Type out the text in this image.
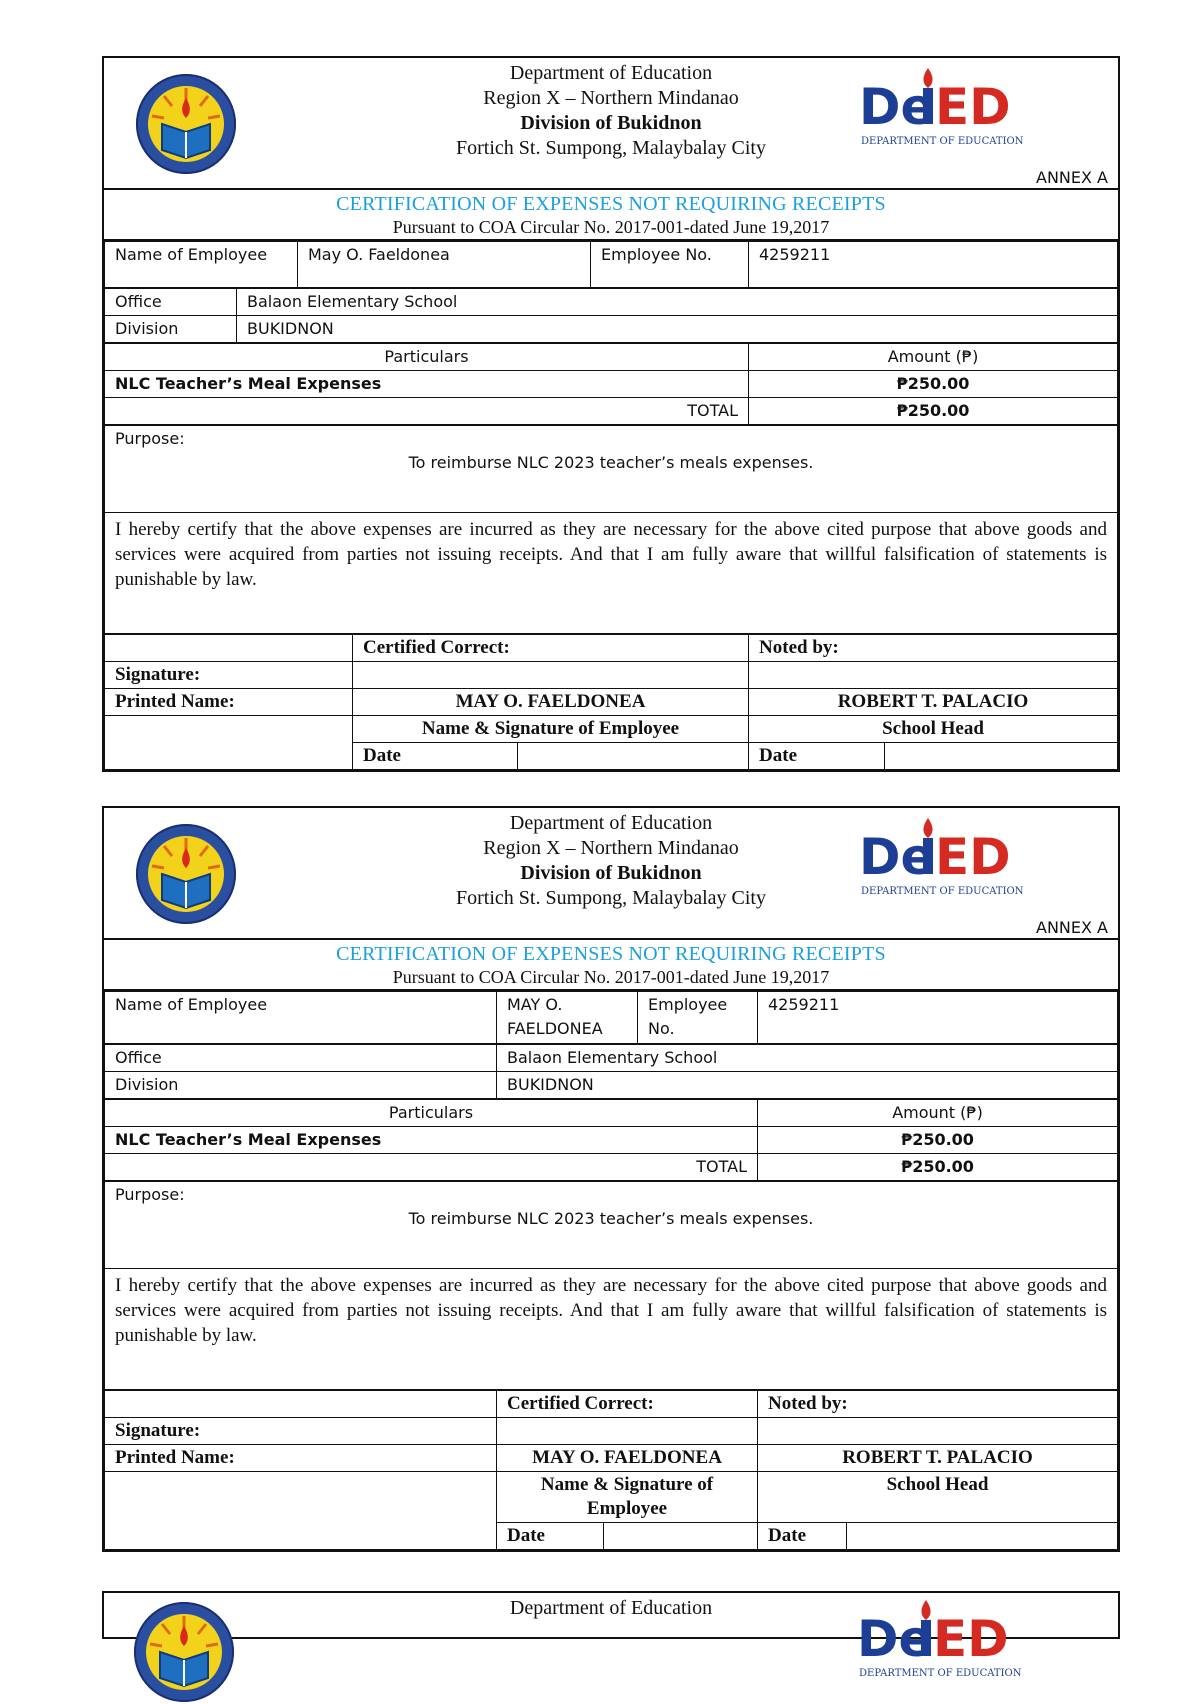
Department of Education
Region X – Northern Mindanao
Division of Bukidnon
Fortich St. Sumpong, Malaybalay City
ANNEX A
CERTIFICATION OF EXPENSES NOT REQUIRING RECEIPTS
Pursuant to COA Circular No. 2017-001-dated June 19,2017
Name of Employee	May O. Faeldonea	Employee No.	4259211
Office	Balaon Elementary School
Division	BUKIDNON
Particulars	Amount (₱)
NLC Teacher’s Meal Expenses	₱250.00
TOTAL	₱250.00
Purpose:
To reimburse NLC 2023 teacher’s meals expenses.

I hereby certify that the above expenses are incurred as they are necessary for the above cited purpose that above goods and services were acquired from parties not issuing receipts. And that I am fully aware that willful falsification of statements is punishable by law.
	Certified Correct:		Noted by:	
Signature:				
Printed Name:	MAY O. FAELDONEA		ROBERT T. PALACIO	
	Name & Signature of Employee		School Head	
	Date		Date	
Department of Education
Region X – Northern Mindanao
Division of Bukidnon
Fortich St. Sumpong, Malaybalay City
ANNEX A
CERTIFICATION OF EXPENSES NOT REQUIRING RECEIPTS
Pursuant to COA Circular No. 2017-001-dated June 19,2017
Name of Employee	MAY O. FAELDONEA	Employee No.	4259211
Office	Balaon Elementary School
Division	BUKIDNON
Particulars	Amount (₱)
NLC Teacher’s Meal Expenses	₱250.00
TOTAL	₱250.00
Purpose:
To reimburse NLC 2023 teacher’s meals expenses.

I hereby certify that the above expenses are incurred as they are necessary for the above cited purpose that above goods and services were acquired from parties not issuing receipts. And that I am fully aware that willful falsification of statements is punishable by law.
	Certified Correct:		Noted by:	
Signature:				
Printed Name:	MAY O. FAELDONEA		ROBERT T. PALACIO	
	Name & Signature of Employee		School Head	
	Date		Date	
Department of Education
